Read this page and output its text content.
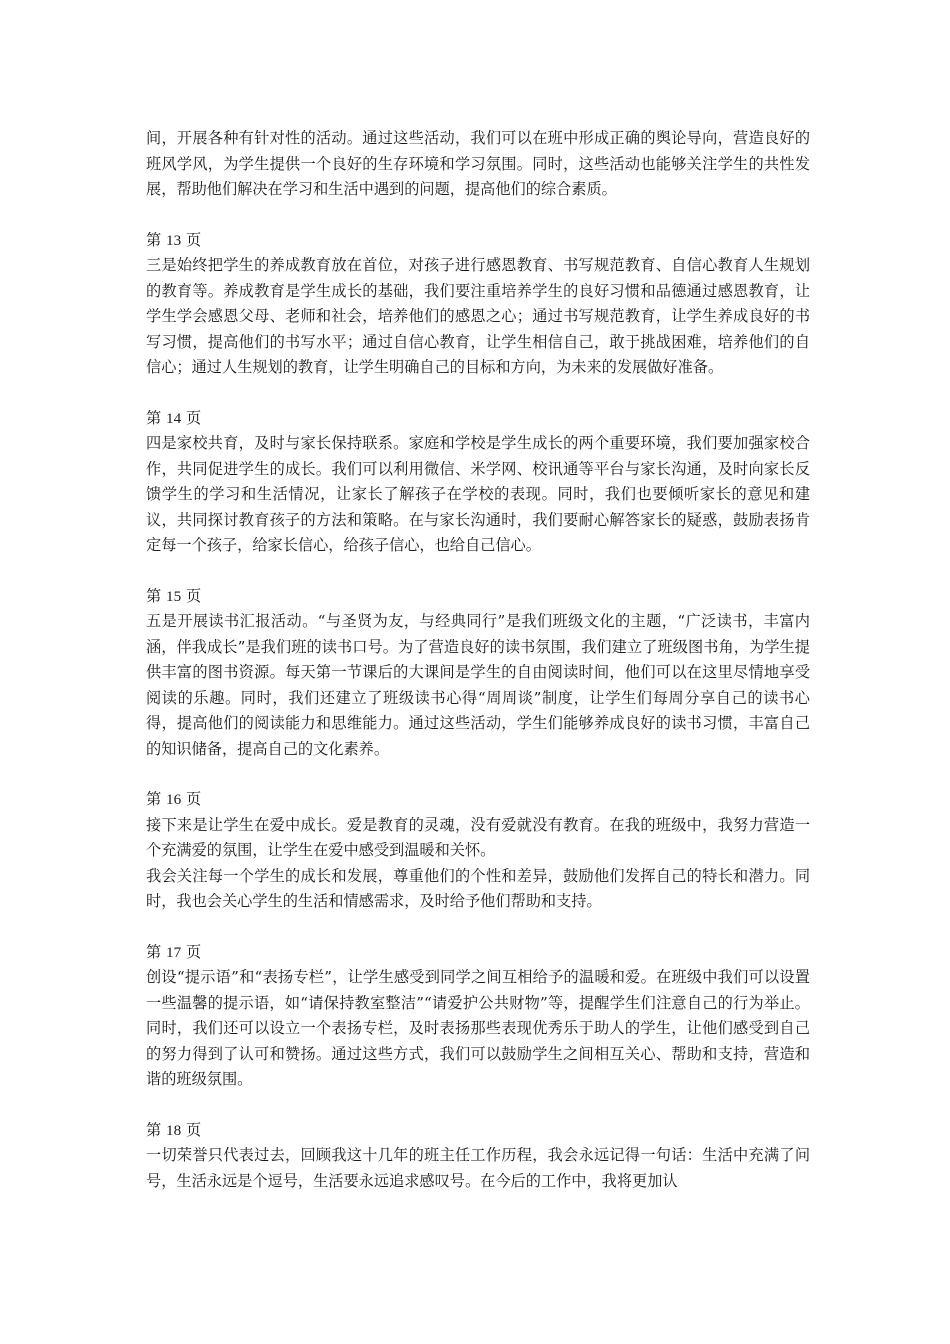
间，开展各种有针对性的活动。通过这些活动，我们可以在班中形成正确的舆论导向，营造良好的班风学风，为学生提供一个良好的生存环境和学习氛围。同时，这些活动也能够关注学生的共性发展，帮助他们解决在学习和生活中遇到的问题，提高他们的综合素质。

第 13 页

三是始终把学生的养成教育放在首位，对孩子进行感恩教育、书写规范教育、自信心教育人生规划的教育等。养成教育是学生成长的基础，我们要注重培养学生的良好习惯和品德通过感恩教育，让学生学会感恩父母、老师和社会，培养他们的感恩之心；通过书写规范教育，让学生养成良好的书写习惯，提高他们的书写水平；通过自信心教育，让学生相信自己，敢于挑战困难，培养他们的自信心；通过人生规划的教育，让学生明确自己的目标和方向，为未来的发展做好准备。

第 14 页

四是家校共育，及时与家长保持联系。家庭和学校是学生成长的两个重要环境，我们要加强家校合作，共同促进学生的成长。我们可以利用微信、米学网、校讯通等平台与家长沟通，及时向家长反馈学生的学习和生活情况，让家长了解孩子在学校的表现。同时，我们也要倾听家长的意见和建议，共同探讨教育孩子的方法和策略。在与家长沟通时，我们要耐心解答家长的疑惑，鼓励表扬肯定每一个孩子，给家长信心，给孩子信心，也给自己信心。

第 15 页

五是开展读书汇报活动。“与圣贤为友，与经典同行”是我们班级文化的主题，“广泛读书，丰富内涵，伴我成长”是我们班的读书口号。为了营造良好的读书氛围，我们建立了班级图书角，为学生提供丰富的图书资源。每天第一节课后的大课间是学生的自由阅读时间，他们可以在这里尽情地享受阅读的乐趣。同时，我们还建立了班级读书心得“周周谈”制度，让学生们每周分享自己的读书心得，提高他们的阅读能力和思维能力。通过这些活动，学生们能够养成良好的读书习惯，丰富自己的知识储备，提高自己的文化素养。

第 16 页

接下来是让学生在爱中成长。爱是教育的灵魂，没有爱就没有教育。在我的班级中，我努力营造一个充满爱的氛围，让学生在爱中感受到温暖和关怀。

我会关注每一个学生的成长和发展，尊重他们的个性和差异，鼓励他们发挥自己的特长和潜力。同时，我也会关心学生的生活和情感需求，及时给予他们帮助和支持。

第 17 页

创设“提示语”和“表扬专栏”，让学生感受到同学之间互相给予的温暖和爱。在班级中我们可以设置一些温馨的提示语，如“请保持教室整洁”“请爱护公共财物”等，提醒学生们注意自己的行为举止。同时，我们还可以设立一个表扬专栏，及时表扬那些表现优秀乐于助人的学生，让他们感受到自己的努力得到了认可和赞扬。通过这些方式，我们可以鼓励学生之间相互关心、帮助和支持，营造和谐的班级氛围。

第 18 页

一切荣誉只代表过去，回顾我这十几年的班主任工作历程，我会永远记得一句话：生活中充满了问号，生活永远是个逗号，生活要永远追求感叹号。在今后的工作中，我将更加认
